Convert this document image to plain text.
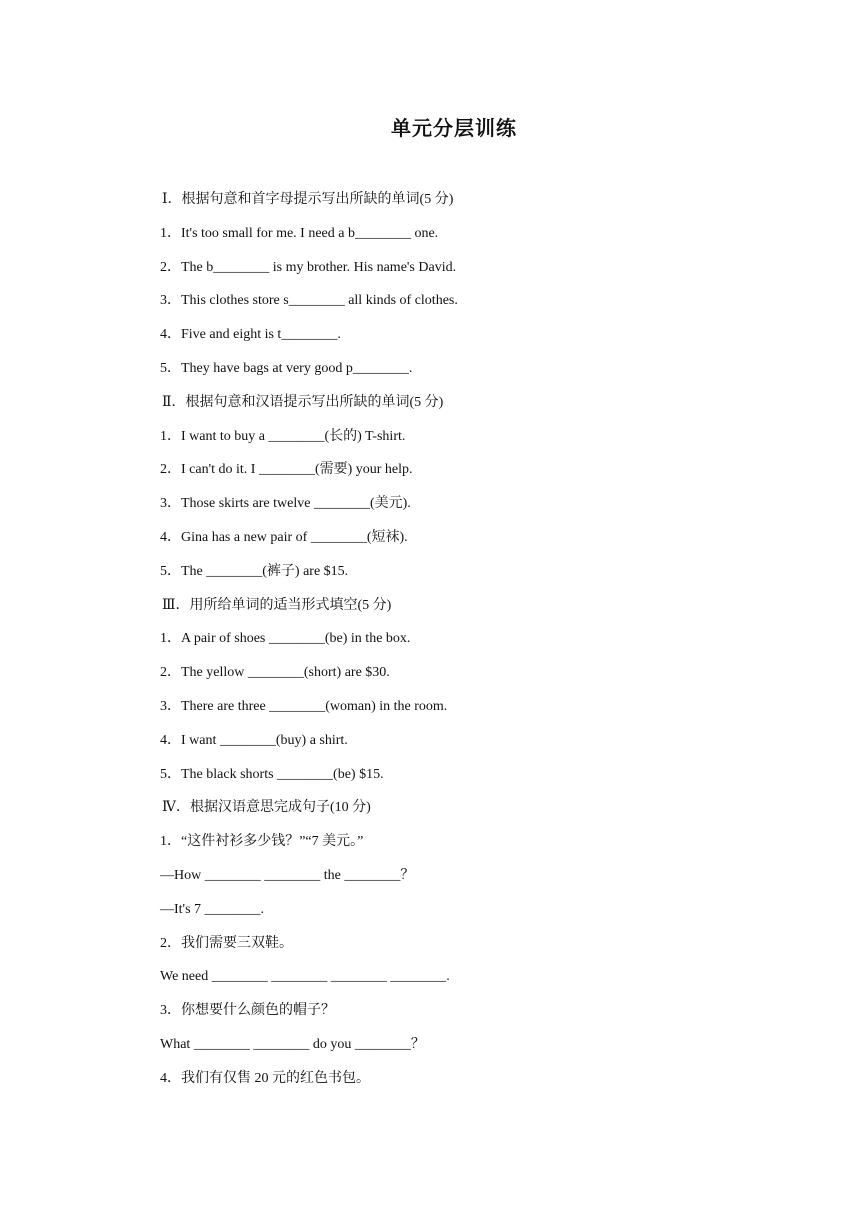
单元分层训练
Ⅰ．根据句意和首字母提示写出所缺的单词(5 分)
1．It's too small for me. I need a b________ one.
2．The b________ is my brother. His name's David.
3．This clothes store s________ all kinds of clothes.
4．Five and eight is t________.
5．They have bags at very good p________.
Ⅱ．根据句意和汉语提示写出所缺的单词(5 分)
1．I want to buy a ________(长的) T-shirt.
2．I can't do it. I ________(需要) your help.
3．Those skirts are twelve ________(美元).
4．Gina has a new pair of ________(短袜).
5．The ________(裤子) are $15.
Ⅲ．用所给单词的适当形式填空(5 分)
1．A pair of shoes ________(be) in the box.
2．The yellow ________(short) are $30.
3．There are three ________(woman) in the room.
4．I want ________(buy) a shirt.
5．The black shorts ________(be) $15.
Ⅳ．根据汉语意思完成句子(10 分)
1．“这件衬衫多少钱？”“7 美元。”
—How ________ ________ the ________？
—It's 7 ________.
2．我们需要三双鞋。
We need ________ ________ ________ ________.
3．你想要什么颜色的帽子？
What ________ ________ do you ________？
4．我们有仅售 20 元的红色书包。
